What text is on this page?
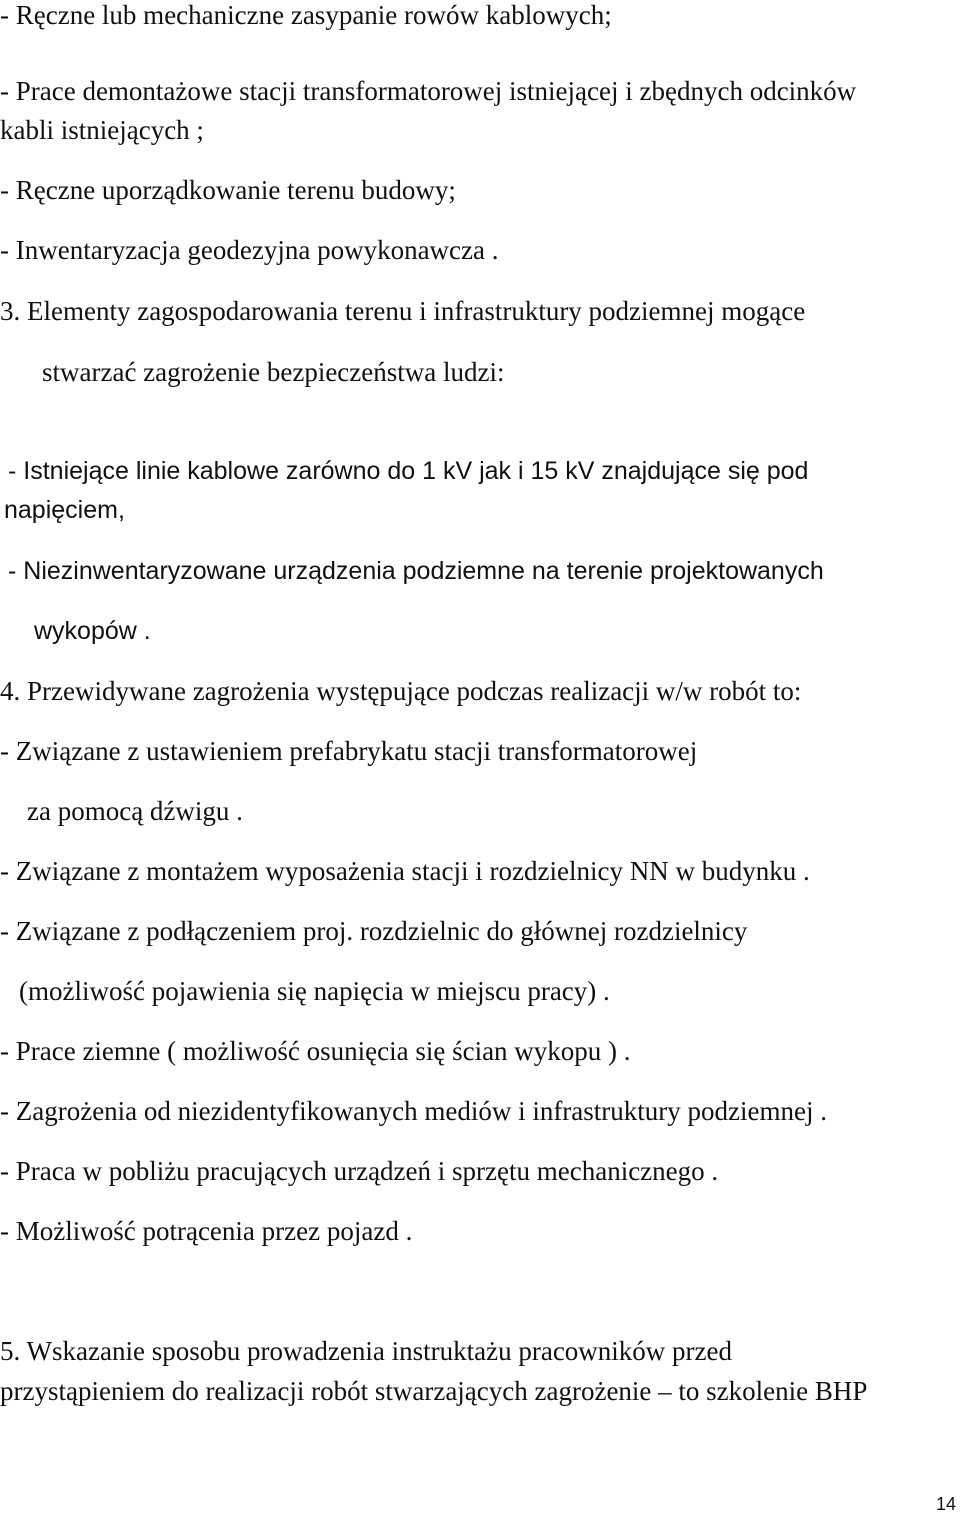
- Ręczne lub mechaniczne zasypanie rowów kablowych;
- Prace demontażowe stacji transformatorowej istniejącej i zbędnych odcinków
kabli istniejących ;
- Ręczne uporządkowanie terenu budowy;
- Inwentaryzacja geodezyjna powykonawcza .
3. Elementy zagospodarowania terenu i infrastruktury podziemnej mogące
stwarzać zagrożenie bezpieczeństwa ludzi:
- Istniejące linie kablowe zarówno do 1 kV jak i 15 kV znajdujące się pod
napięciem,
- Niezinwentaryzowane urządzenia podziemne na terenie projektowanych
wykopów .
4. Przewidywane zagrożenia występujące podczas realizacji w/w robót to:
- Związane z ustawieniem prefabrykatu stacji transformatorowej
za pomocą dźwigu .
- Związane z montażem wyposażenia stacji i rozdzielnicy NN w budynku .
- Związane z podłączeniem proj. rozdzielnic do głównej rozdzielnicy
(możliwość pojawienia się napięcia w miejscu pracy) .
- Prace ziemne ( możliwość osunięcia się ścian wykopu ) .
- Zagrożenia od niezidentyfikowanych mediów i infrastruktury podziemnej .
- Praca w pobliżu pracujących urządzeń i sprzętu mechanicznego .
- Możliwość potrącenia przez pojazd .
5. Wskazanie sposobu prowadzenia instruktażu pracowników przed
przystąpieniem do realizacji robót stwarzających zagrożenie – to szkolenie BHP
14
